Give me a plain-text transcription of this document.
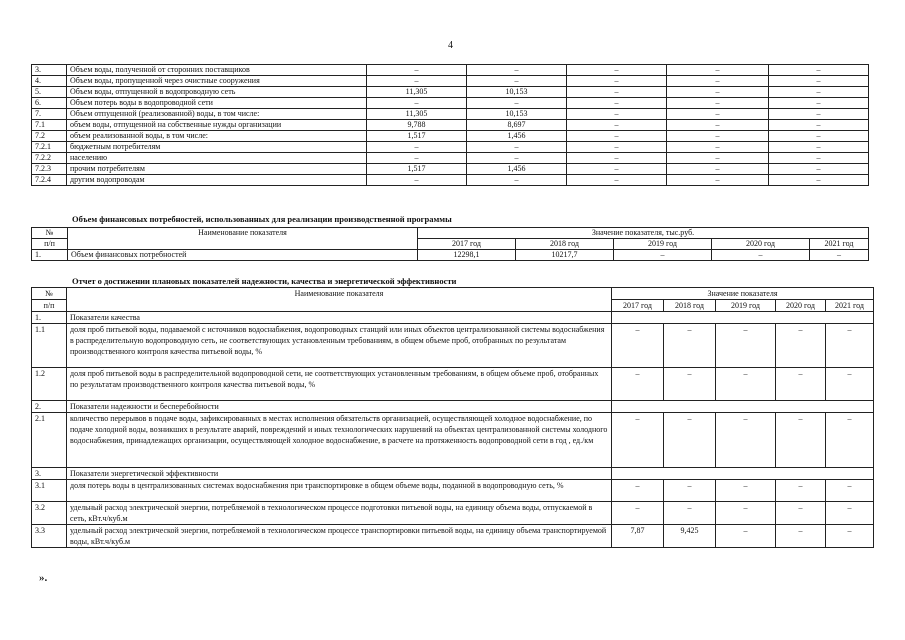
4
3.	Объем воды, полученной от сторонних поставщиков	–	–	–	–	–
4.	Объем воды, пропущенной через очистные сооружения	–	–	–	–	–
5.	Объем воды, отпущенной в водопроводную сеть	11,305	10,153	–	–	–
6.	Объем потерь воды в водопроводной сети	–	–	–	–	–
7.	Объем отпущенной (реализованной) воды, в том числе:	11,305	10,153	–	–	–
7.1	объем воды, отпущенной на собственные нужды организации	9,788	8,697	–	–	–
7.2	объем реализованной воды, в том числе:	1,517	1,456	–	–	–
7.2.1	бюджетным потребителям	–	–	–	–	–
7.2.2	населению	–	–	–	–	–
7.2.3	прочим потребителям	1,517	1,456	–	–	–
7.2.4	другим водопроводам	–	–	–	–	–
Объем финансовых потребностей, использованных для реализации производственной программы
№	Наименование показателя	Значение показателя, тыс.руб.				
п/п		2017 год	2018 год	2019 год	2020 год	2021 год
1.	Объем финансовых потребностей	12298,1	10217,7	–	–	–
Отчет о достижении плановых показателей надежности, качества и энергетической эффективности
№	Наименование показателя	Значение показателя				
п/п		2017 год	2018 год	2019 год	2020 год	2021 год
1.	Показатели качества					
1.1	доля проб питьевой воды, подаваемой с источников водоснабжения, водопроводных станций или иных объектов централизованной системы водоснабжения в распределительную водопроводную сеть, не соответствующих установленным требованиям, в общем объеме проб, отобранных по результатам производственного контроля качества питьевой воды, %	–	–	–	–	–
1.2	доля проб питьевой воды в распределительной водопроводной сети, не соответствующих установленным требованиям, в общем объеме проб, отобранных по результатам производственного контроля качества питьевой воды, %	–	–	–	–	–
2.	Показатели надежности и бесперебойности					
2.1	количество перерывов в подаче воды, зафиксированных в местах исполнения обязательств организацией, осуществляющей холодное водоснабжение, по подаче холодной воды, возникших в результате аварий, повреждений и иных технологических нарушений на объектах централизованной системы холодного водоснабжения, принадлежащих организации, осуществляющей холодное водоснабжение, в расчете на протяженность водопроводной сети в год , ед./км	–	–	–	–	–
3.	Показатели энергетической эффективности					
3.1	доля потерь воды в централизованных системах водоснабжения при транспортировке в общем объеме воды, поданной в водопроводную сеть, %	–	–	–	–	–
3.2	удельный расход электрической энергии, потребляемой в технологическом процессе подготовки питьевой воды, на единицу объема воды, отпускаемой в сеть, кВт.ч/куб.м	–	–	–	–	–
3.3	удельный расход электрической энергии, потребляемой в технологическом процессе транспортировки питьевой воды, на единицу объема транспортируемой воды, кВт.ч/куб.м	7,87	9,425	–	–	–
».
